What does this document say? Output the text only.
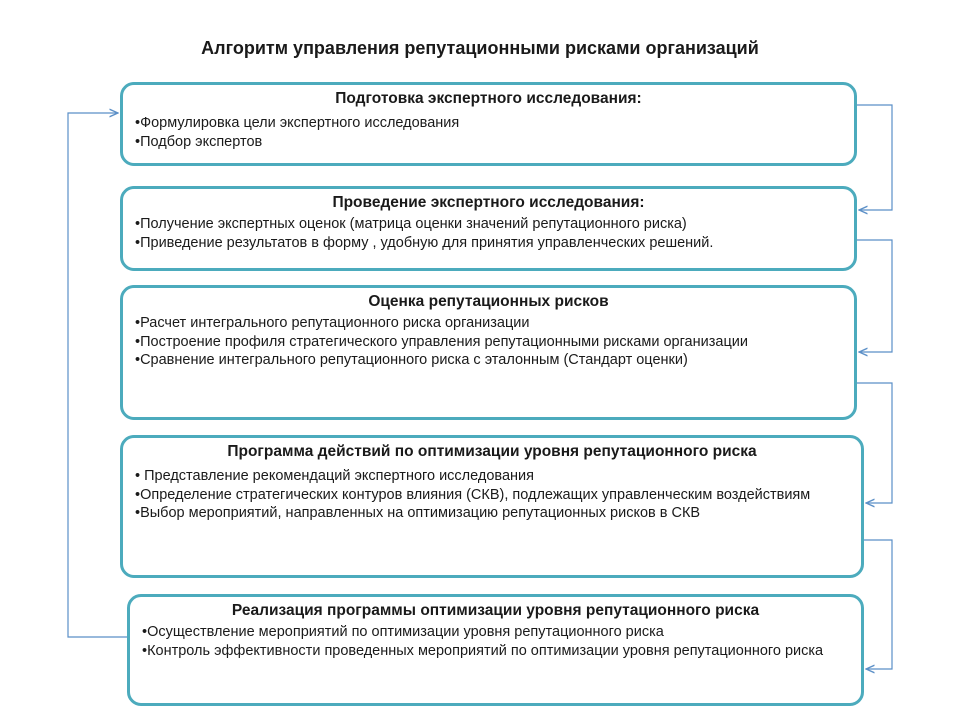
Алгоритм управления репутационными рисками организаций
Подготовка экспертного исследования:
• Формулировка цели экспертного исследования
• Подбор экспертов
Проведение экспертного исследования:
• Получение экспертных оценок (матрица оценки значений репутационного риска)
• Приведение результатов в форму , удобную для принятия управленческих решений.
Оценка репутационных рисков
• Расчет интегрального репутационного риска организации
• Построение профиля стратегического управления репутационными рисками организации
• Сравнение интегрального репутационного риска с эталонным (Стандарт оценки)
Программа действий по оптимизации уровня репутационного риска
• Представление рекомендаций экспертного исследования
• Определение стратегических контуров влияния (СКВ), подлежащих управленческим воздействиям
• Выбор мероприятий, направленных на оптимизацию репутационных рисков в СКВ
Реализация программы оптимизации уровня репутационного риска
• Осуществление мероприятий по оптимизации уровня репутационного риска
• Контроль эффективности проведенных мероприятий по оптимизации уровня репутационного риска
